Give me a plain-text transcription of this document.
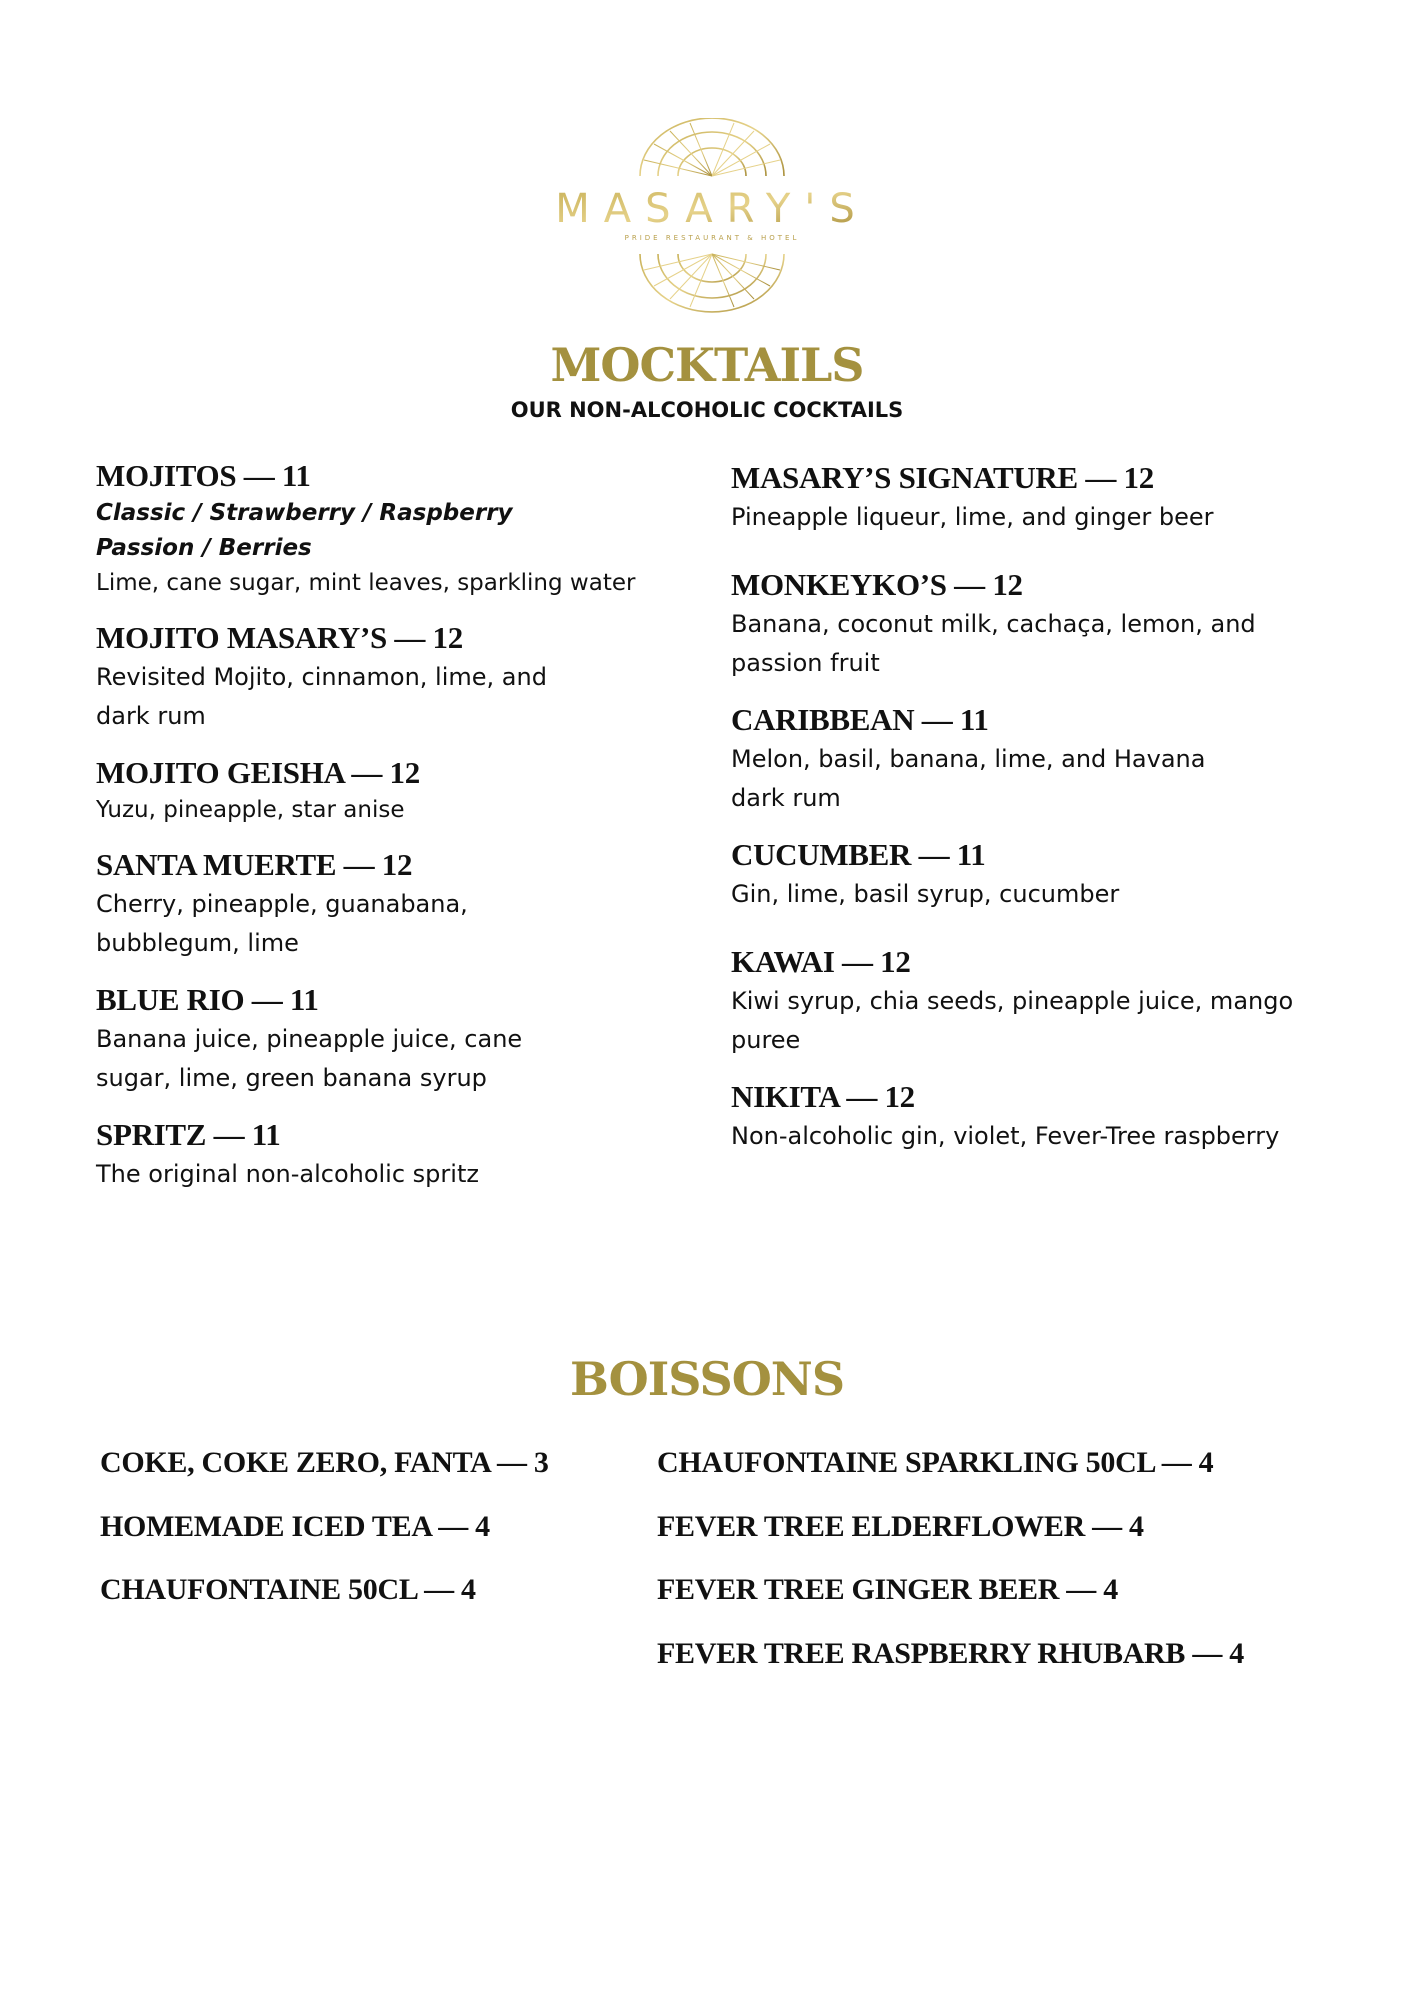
MASARY'S
PRIDE RESTAURANT & HOTEL
MOCKTAILS

OUR NON-ALCOHOLIC COCKTAILS

MOJITOS — 11
Classic / Strawberry / Raspberry
Passion / Berries
Lime, cane sugar, mint leaves, sparkling water
MOJITO MASARY’S — 12
Revisited Mojito, cinnamon, lime, and
dark rum
MOJITO GEISHA — 12
Yuzu, pineapple, star anise
SANTA MUERTE — 12
Cherry, pineapple, guanabana,
bubblegum, lime
BLUE RIO — 11
Banana juice, pineapple juice, cane
sugar, lime, green banana syrup
SPRITZ — 11
The original non-alcoholic spritz
MASARY’S SIGNATURE — 12
Pineapple liqueur, lime, and ginger beer
MONKEYKO’S — 12
Banana, coconut milk, cachaça, lemon, and
passion fruit
CARIBBEAN — 11
Melon, basil, banana, lime, and Havana
dark rum
CUCUMBER — 11
Gin, lime, basil syrup, cucumber
KAWAI — 12
Kiwi syrup, chia seeds, pineapple juice, mango
puree
NIKITA — 12
Non-alcoholic gin, violet, Fever-Tree raspberry
BOISSONS
COKE, COKE ZERO, FANTA — 3
HOMEMADE ICED TEA — 4
CHAUFONTAINE 50CL — 4
CHAUFONTAINE SPARKLING 50CL — 4
FEVER TREE ELDERFLOWER — 4
FEVER TREE GINGER BEER — 4
FEVER TREE RASPBERRY RHUBARB — 4
